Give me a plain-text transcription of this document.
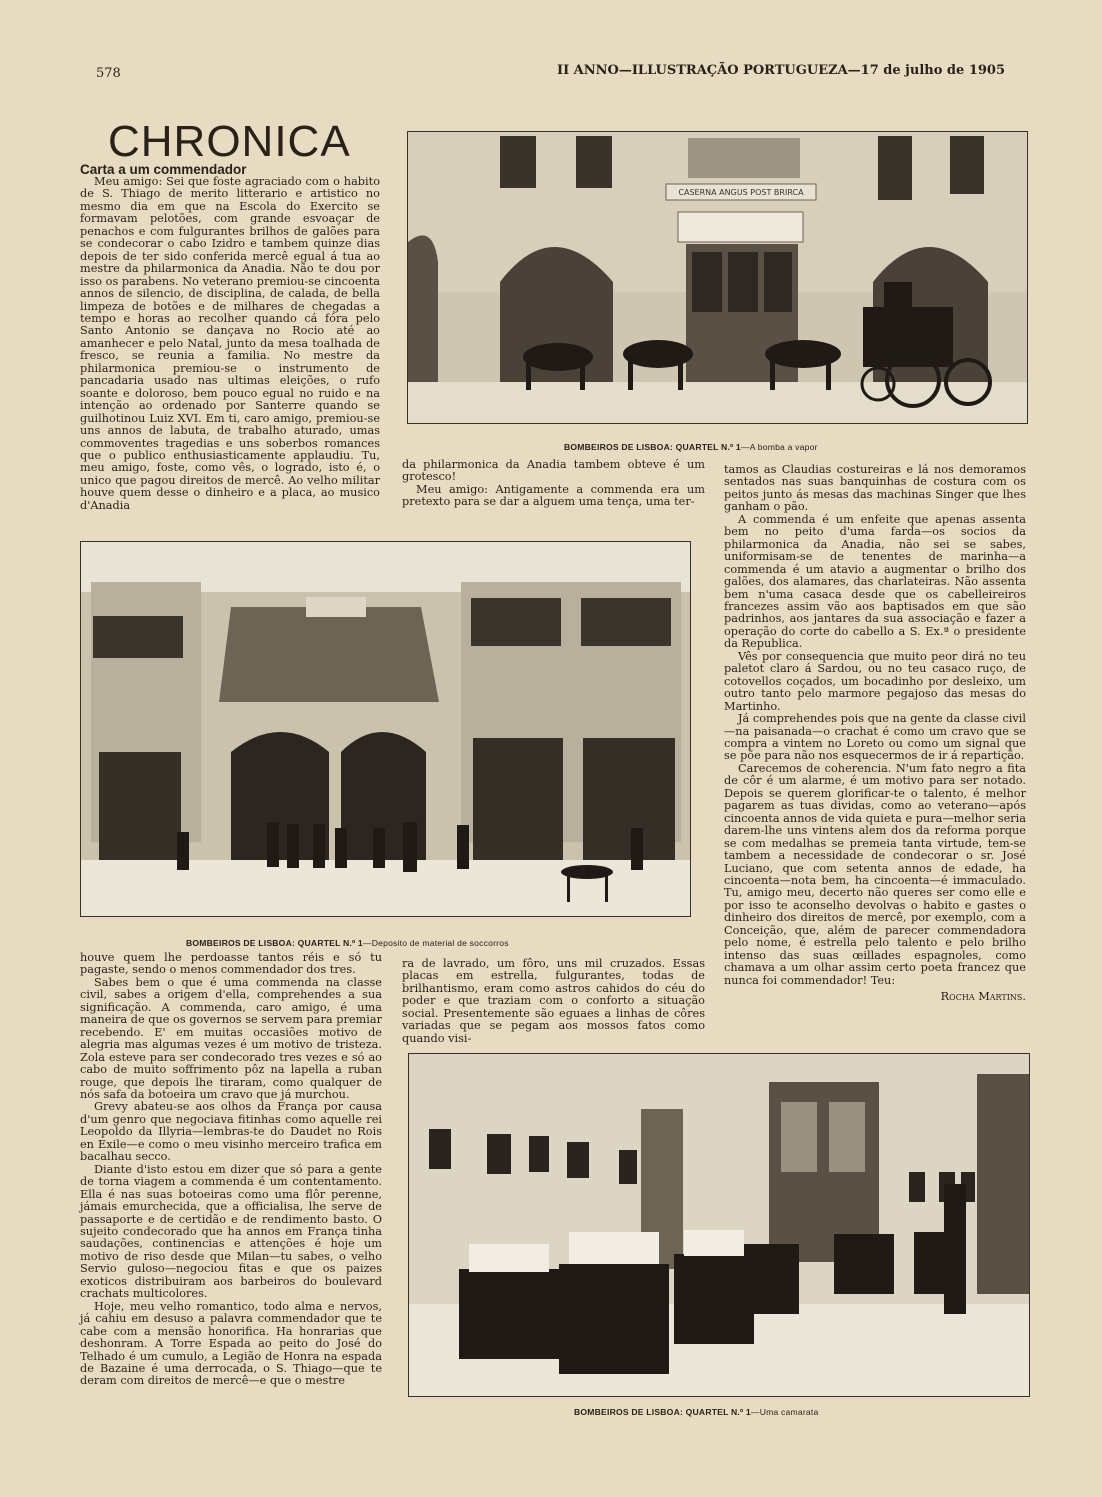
578	II ANNO—ILLUSTRAÇÃO PORTUGUEZA—17 de julho de 1905
CHRONICA
Carta a um commendador

Meu amigo: Sei que foste agraciado com o habito de S. Thiago de merito litterario e artistico no mesmo dia em que na Escola do Exercito se formavam pelotões, com grande esvoaçar de penachos e com fulgurantes brilhos de galões para se condecorar o cabo Izidro e tambem quinze dias depois de ter sido conferida mercê egual á tua ao mestre da philarmonica da Anadia. Não te dou por isso os parabens. No veterano premiou-se cincoenta annos de silencio, de disciplina, de calada, de bella limpeza de botões e de milhares de chegadas a tempo e horas ao recolher quando cá fóra pelo Santo Antonio se dançava no Rocio até ao amanhecer e pelo Natal, junto da mesa toalhada de fresco, se reunia a familia. No mestre da philarmonica premiou-se o instrumento de pancadaria usado nas ultimas eleições, o rufo soante e doloroso, bem pouco egual no ruido e na intenção ao ordenado por Santerre quando se guilhotinou Luiz XVI. Em ti, caro amigo, premiou-se uns annos de labuta, de trabalho aturado, umas commoventes tragedias e uns soberbos romances que o publico enthusiasticamente applaudiu. Tu, meu amigo, foste, como vês, o logrado, isto é, o unico que pagou direitos de mercê. Ao velho militar houve quem desse o dinheiro e a placa, ao musico d'Anadia

CASERNA ANGUS POST BRIRCA
BOMBEIROS DE LISBOA: QUARTEL N.º 1—A bomba a vapor

da philarmonica da Anadia tambem obteve é um grotesco!

Meu amigo: Antigamente a commenda era um pretexto para se dar a alguem uma tença, uma ter-

tamos as Claudias costureiras e lá nos demoramos sentados nas suas banquinhas de costura com os peitos junto ás mesas das machinas Singer que lhes ganham o pão.

A commenda é um enfeite que apenas assenta bem no peito d'uma farda—os socios da philarmonica da Anadia, não sei se sabes, uniformisam-se de tenentes de marinha—a commenda é um atavio a augmentar o brilho dos galões, dos alamares, das charlateiras. Não assenta bem n'uma casaca desde que os cabelleireiros francezes assim vão aos baptisados em que são padrinhos, aos jantares da sua associação e fazer a operação do corte do cabello a S. Ex.ª o presidente da Republica.

Vês por consequencia que muito peor dirá no teu paletot claro á Sardou, ou no teu casaco ruço, de cotovellos coçados, um bocadinho por desleixo, um outro tanto pelo marmore pegajoso das mesas do Martinho.

Já comprehendes pois que na gente da classe civil—na paisanada—o crachat é como um cravo que se compra a vintem no Loreto ou como um signal que se põe para não nos esquecermos de ir á repartição.

Carecemos de coherencia. N'um fato negro a fita de côr é um alarme, é um motivo para ser notado. Depois se querem glorificar-te o talento, é melhor pagarem as tuas dividas, como ao veterano—após cincoenta annos de vida quieta e pura—melhor seria darem-lhe uns vintens alem dos da reforma porque se com medalhas se premeia tanta virtude, tem-se tambem a necessidade de condecorar o sr. José Luciano, que com setenta annos de edade, ha cincoenta—nota bem, ha cincoenta—é immaculado. Tu, amigo meu, decerto não queres ser como elle e por isso te aconselho devolvas o habito e gastes o dinheiro dos direitos de mercê, por exemplo, com a Conceição, que, além de parecer commendadora pelo nome, é estrella pelo talento e pelo brilho intenso das suas œillades espagnoles, como chamava a um olhar assim certo poeta francez que nunca foi commendador! Teu:

Rocha Martins.
BOMBEIROS DE LISBOA: QUARTEL N.º 1—Deposito de material de soccorros

houve quem lhe perdoasse tantos réis e só tu pagaste, sendo o menos commendador dos tres.

Sabes bem o que é uma commenda na classe civil, sabes a origem d'ella, comprehendes a sua significação. A commenda, caro amigo, é uma maneira de que os governos se servem para premiar recebendo. E' em muitas occasiões motivo de alegria mas algumas vezes é um motivo de tristeza. Zola esteve para ser condecorado tres vezes e só ao cabo de muito soffrimento pôz na lapella a ruban rouge, que depois lhe tiraram, como qualquer de nós safa da botoeira um cravo que já murchou.

Grevy abateu-se aos olhos da França por causa d'um genro que negociava fitinhas como aquelle rei Leopoldo da Illyria—lembras-te do Daudet no Rois en Exile—e como o meu visinho merceiro trafica em bacalhau secco.

Diante d'isto estou em dizer que só para a gente de torna viagem a commenda é um contentamento. Ella é nas suas botoeiras como uma flôr perenne, jámais emurchecida, que a officialisa, lhe serve de passaporte e de certidão e de rendimento basto. O sujeito condecorado que ha annos em França tinha saudações, continencias e attenções é hoje um motivo de riso desde que Milan—tu sabes, o velho Servio guloso—negociou fitas e que os paizes exoticos distribuiram aos barbeiros do boulevard crachats multicolores.

Hoje, meu velho romantico, todo alma e nervos, já cahiu em desuso a palavra commendador que te cabe com a mensão honorifica. Ha honrarias que deshonram. A Torre Espada ao peito do José do Telhado é um cumulo, a Legião de Honra na espada de Bazaine é uma derrocada, o S. Thiago—que te deram com direitos de mercê—e que o mestre

ra de lavrado, um fôro, uns mil cruzados. Essas placas em estrella, fulgurantes, todas de brilhantismo, eram como astros cahidos do céu do poder e que traziam com o conforto a situação social. Presentemente são eguaes a linhas de côres variadas que se pegam aos mossos fatos como quando visi-

BOMBEIROS DE LISBOA: QUARTEL N.º 1—Uma camarata
